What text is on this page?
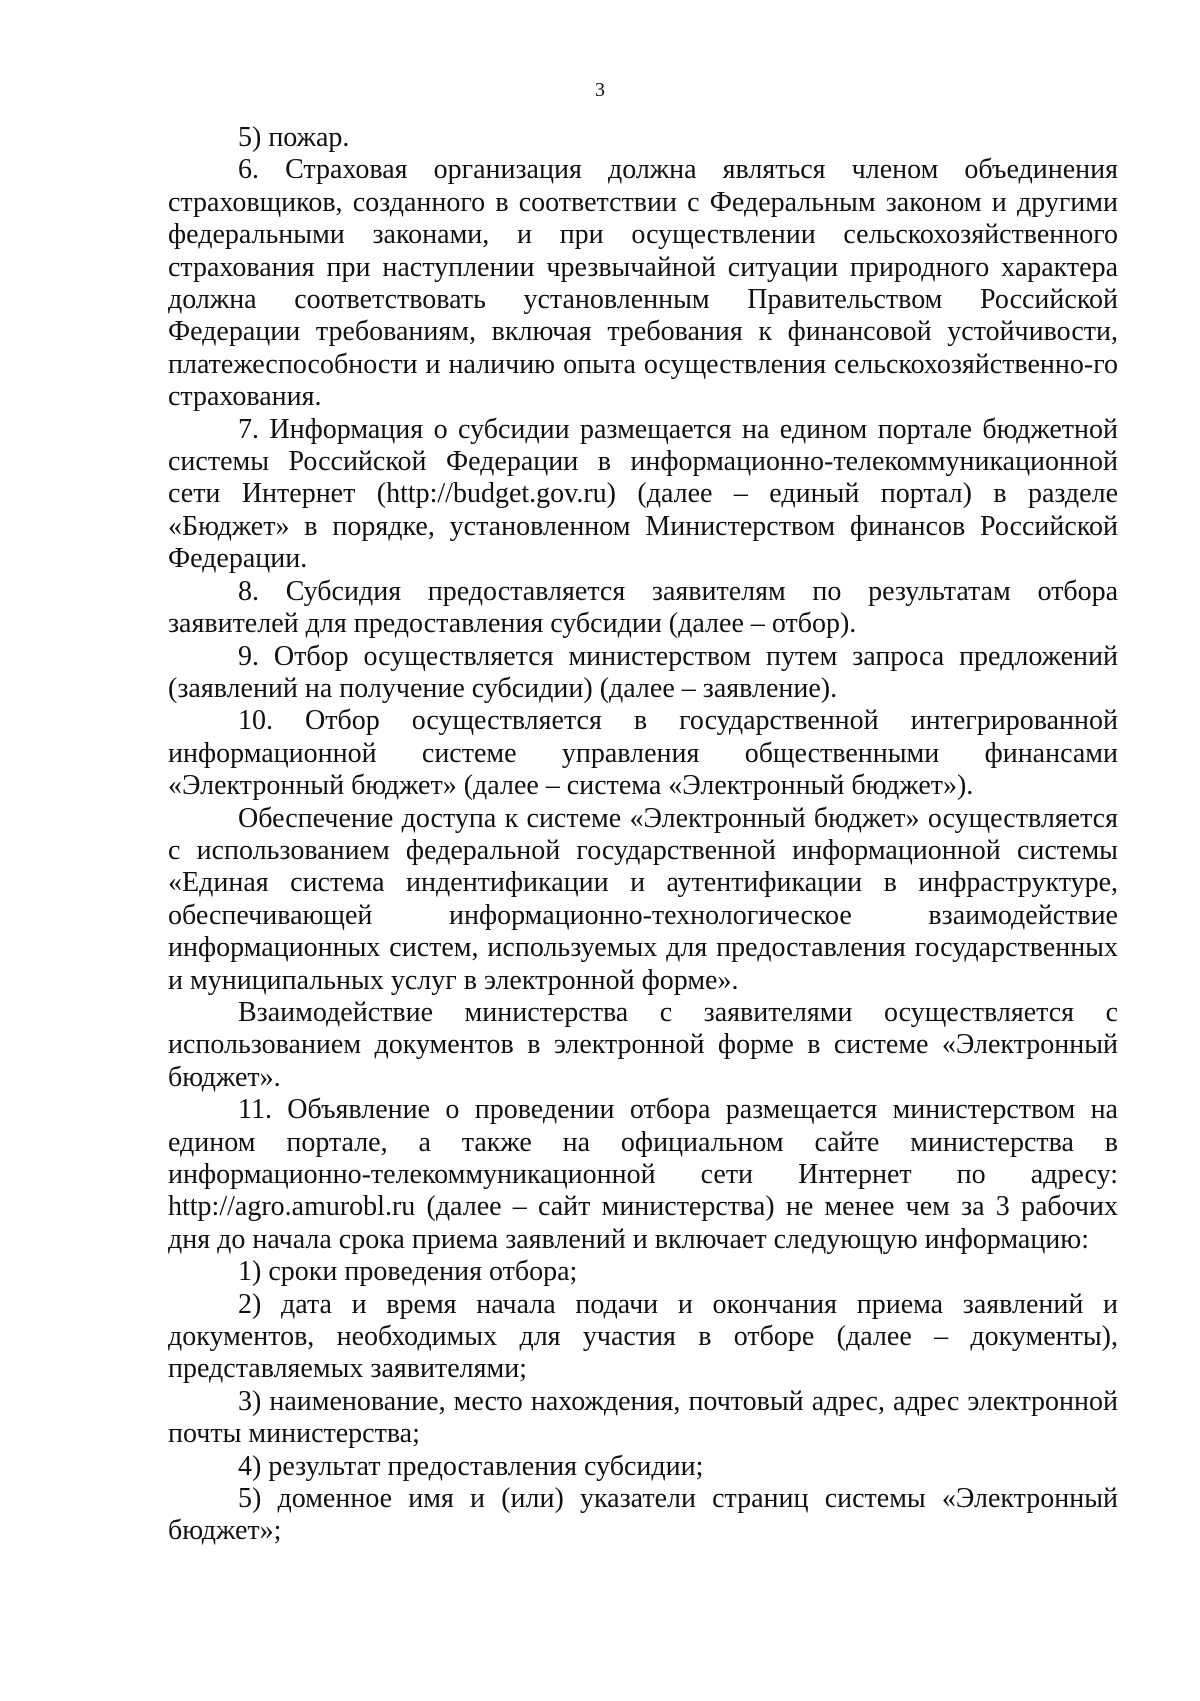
3

5) пожар.

6. Страховая организация должна являться членом объединения страховщиков, созданного в соответствии с Федеральным законом и другими федеральными законами, и при осуществлении сельскохозяйственного страхования при наступлении чрезвычайной ситуации природного характера должна соответствовать установленным Правительством Российской Федерации требованиям, включая требования к финансовой устойчивости, платежеспособности и наличию опыта осуществления сельскохозяйственно-го страхования.

7. Информация о субсидии размещается на едином портале бюджетной системы Российской Федерации в информационно-телекоммуникационной сети Интернет (http://budget.gov.ru) (далее – единый портал) в разделе «Бюджет» в порядке, установленном Министерством финансов Российской Федерации.

8. Субсидия предоставляется заявителям по результатам отбора заявителей для предоставления субсидии (далее – отбор).

9. Отбор осуществляется министерством путем запроса предложений (заявлений на получение субсидии) (далее – заявление).

10. Отбор осуществляется в государственной интегрированной информационной системе управления общественными финансами «Электронный бюджет» (далее – система «Электронный бюджет»).

Обеспечение доступа к системе «Электронный бюджет» осуществляется с использованием федеральной государственной информационной системы «Единая система индентификации и аутентификации в инфраструктуре, обеспечивающей информационно-технологическое взаимодействие информационных систем, используемых для предоставления государственных и муниципальных услуг в электронной форме».

Взаимодействие министерства с заявителями осуществляется с использованием документов в электронной форме в системе «Электронный бюджет».

11. Объявление о проведении отбора размещается министерством на едином портале, а также на официальном сайте министерства в информационно-телекоммуникационной сети Интернет по адресу: http://agro.amurobl.ru (далее – сайт министерства) не менее чем за 3 рабочих дня до начала срока приема заявлений и включает следующую информацию:

1) сроки проведения отбора;

2) дата и время начала подачи и окончания приема заявлений и документов, необходимых для участия в отборе (далее – документы), представляемых заявителями;

3) наименование, место нахождения, почтовый адрес, адрес электронной почты министерства;

4) результат предоставления субсидии;

5) доменное имя и (или) указатели страниц системы «Электронный бюджет»;
